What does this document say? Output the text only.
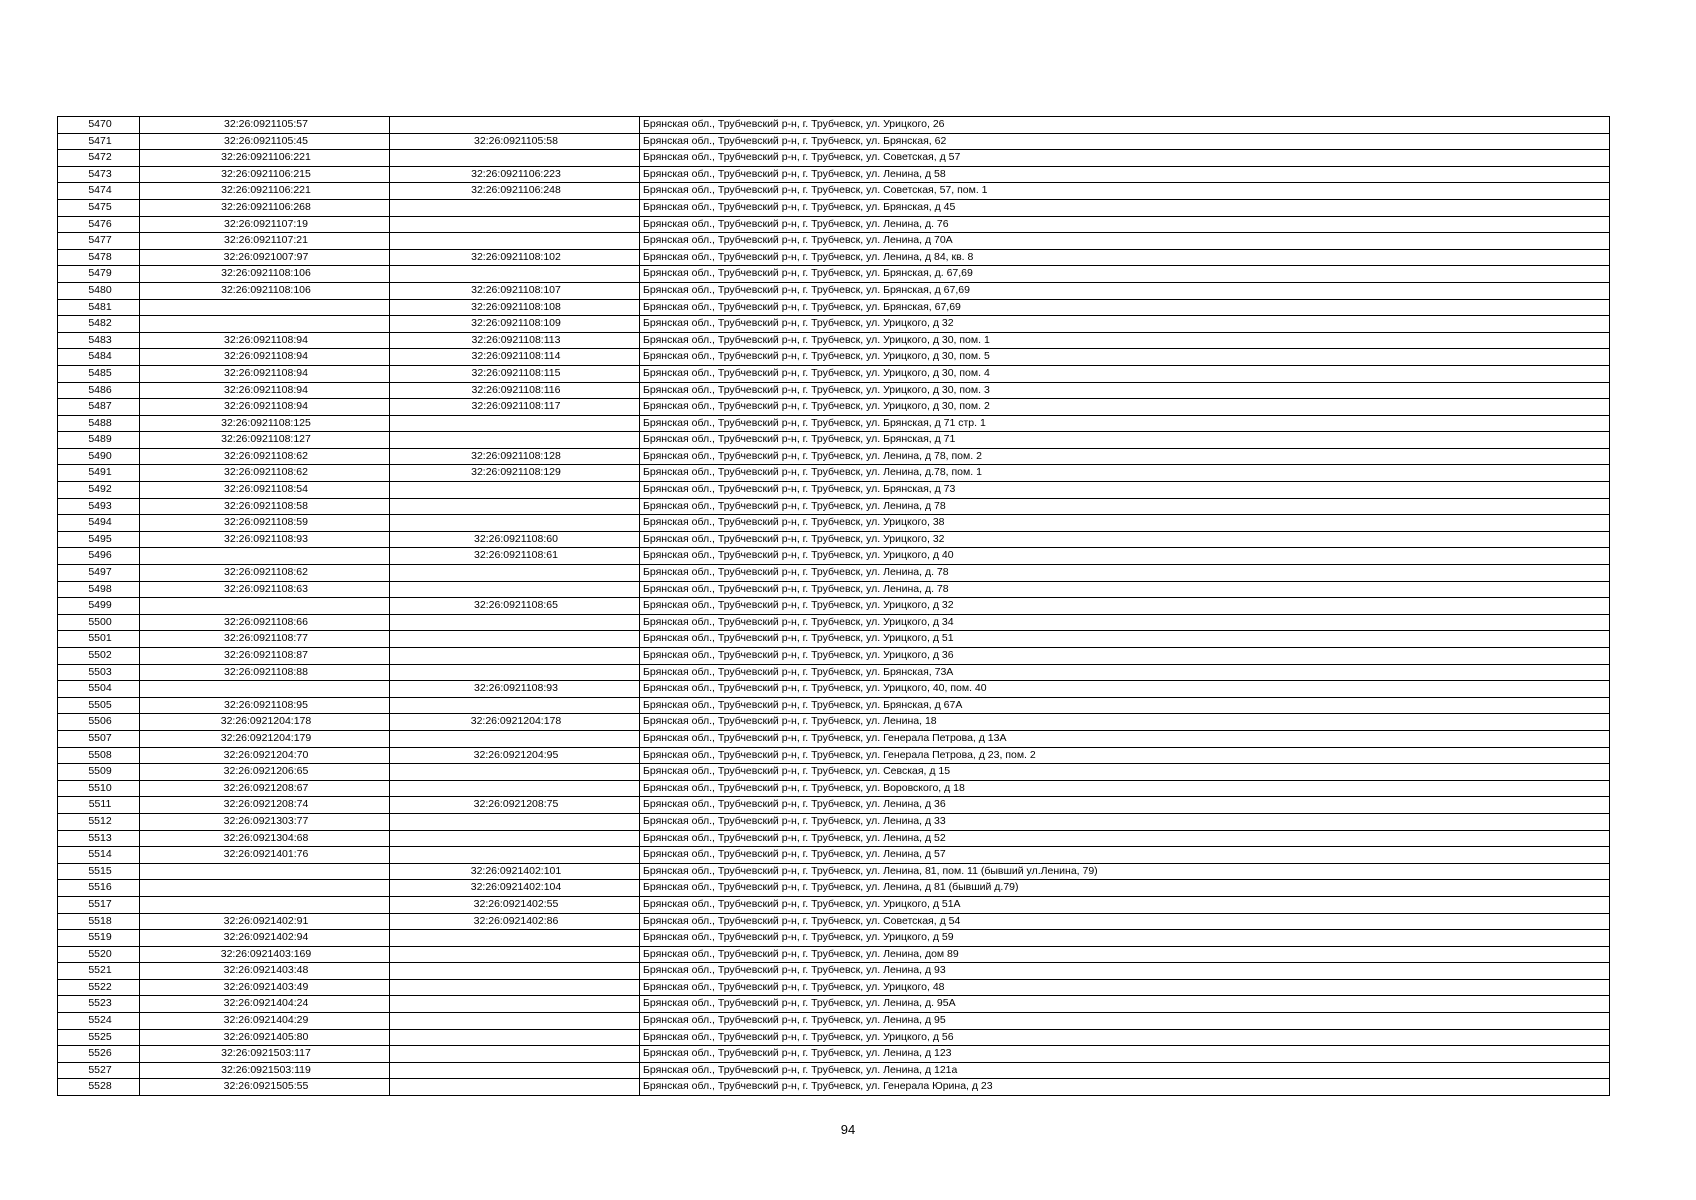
5470	32:26:0921105:57		Брянская обл., Трубчевский р-н, г. Трубчевск, ул. Урицкого, 26
5471	32:26:0921105:45	32:26:0921105:58	Брянская обл., Трубчевский р-н, г. Трубчевск, ул. Брянская, 62
5472	32:26:0921106:221		Брянская обл., Трубчевский р-н, г. Трубчевск, ул. Советская, д 57
5473	32:26:0921106:215	32:26:0921106:223	Брянская обл., Трубчевский р-н, г. Трубчевск, ул. Ленина, д 58
5474	32:26:0921106:221	32:26:0921106:248	Брянская обл., Трубчевский р-н, г. Трубчевск, ул. Советская, 57, пом. 1
5475	32:26:0921106:268		Брянская обл., Трубчевский р-н, г. Трубчевск, ул. Брянская, д 45
5476	32:26:0921107:19		Брянская обл., Трубчевский р-н, г. Трубчевск, ул. Ленина, д. 76
5477	32:26:0921107:21		Брянская обл., Трубчевский р-н, г. Трубчевск, ул. Ленина, д 70А
5478	32:26:0921007:97	32:26:0921108:102	Брянская обл., Трубчевский р-н, г. Трубчевск, ул. Ленина, д 84, кв. 8
5479	32:26:0921108:106		Брянская обл., Трубчевский р-н, г. Трубчевск, ул. Брянская, д. 67,69
5480	32:26:0921108:106	32:26:0921108:107	Брянская обл., Трубчевский р-н, г. Трубчевск, ул. Брянская, д 67,69
5481		32:26:0921108:108	Брянская обл., Трубчевский р-н, г. Трубчевск, ул. Брянская, 67,69
5482		32:26:0921108:109	Брянская обл., Трубчевский р-н, г. Трубчевск, ул. Урицкого, д 32
5483	32:26:0921108:94	32:26:0921108:113	Брянская обл., Трубчевский р-н, г. Трубчевск, ул. Урицкого, д 30, пом. 1
5484	32:26:0921108:94	32:26:0921108:114	Брянская обл., Трубчевский р-н, г. Трубчевск, ул. Урицкого, д 30, пом. 5
5485	32:26:0921108:94	32:26:0921108:115	Брянская обл., Трубчевский р-н, г. Трубчевск, ул. Урицкого, д 30, пом. 4
5486	32:26:0921108:94	32:26:0921108:116	Брянская обл., Трубчевский р-н, г. Трубчевск, ул. Урицкого, д 30, пом. 3
5487	32:26:0921108:94	32:26:0921108:117	Брянская обл., Трубчевский р-н, г. Трубчевск, ул. Урицкого, д 30, пом. 2
5488	32:26:0921108:125		Брянская обл., Трубчевский р-н, г. Трубчевск, ул. Брянская, д 71 стр. 1
5489	32:26:0921108:127		Брянская обл., Трубчевский р-н, г. Трубчевск, ул. Брянская, д 71
5490	32:26:0921108:62	32:26:0921108:128	Брянская обл., Трубчевский р-н, г. Трубчевск, ул. Ленина, д 78, пом. 2
5491	32:26:0921108:62	32:26:0921108:129	Брянская обл., Трубчевский р-н, г. Трубчевск, ул. Ленина, д.78, пом. 1
5492	32:26:0921108:54		Брянская обл., Трубчевский р-н, г. Трубчевск, ул. Брянская, д 73
5493	32:26:0921108:58		Брянская обл., Трубчевский р-н, г. Трубчевск, ул. Ленина, д 78
5494	32:26:0921108:59		Брянская обл., Трубчевский р-н, г. Трубчевск, ул. Урицкого, 38
5495	32:26:0921108:93	32:26:0921108:60	Брянская обл., Трубчевский р-н, г. Трубчевск, ул. Урицкого, 32
5496		32:26:0921108:61	Брянская обл., Трубчевский р-н, г. Трубчевск, ул. Урицкого, д 40
5497	32:26:0921108:62		Брянская обл., Трубчевский р-н, г. Трубчевск, ул. Ленина, д. 78
5498	32:26:0921108:63		Брянская обл., Трубчевский р-н, г. Трубчевск, ул. Ленина, д. 78
5499		32:26:0921108:65	Брянская обл., Трубчевский р-н, г. Трубчевск, ул. Урицкого, д 32
5500	32:26:0921108:66		Брянская обл., Трубчевский р-н, г. Трубчевск, ул. Урицкого, д 34
5501	32:26:0921108:77		Брянская обл., Трубчевский р-н, г. Трубчевск, ул. Урицкого, д 51
5502	32:26:0921108:87		Брянская обл., Трубчевский р-н, г. Трубчевск, ул. Урицкого, д 36
5503	32:26:0921108:88		Брянская обл., Трубчевский р-н, г. Трубчевск, ул. Брянская, 73А
5504		32:26:0921108:93	Брянская обл., Трубчевский р-н, г. Трубчевск, ул. Урицкого, 40, пом. 40
5505	32:26:0921108:95		Брянская обл., Трубчевский р-н, г. Трубчевск, ул. Брянская, д 67А
5506	32:26:0921204:178	32:26:0921204:178	Брянская обл., Трубчевский р-н, г. Трубчевск, ул. Ленина, 18
5507	32:26:0921204:179		Брянская обл., Трубчевский р-н, г. Трубчевск, ул. Генерала Петрова, д 13А
5508	32:26:0921204:70	32:26:0921204:95	Брянская обл., Трубчевский р-н, г. Трубчевск, ул. Генерала Петрова, д 23, пом. 2
5509	32:26:0921206:65		Брянская обл., Трубчевский р-н, г. Трубчевск, ул. Севская, д 15
5510	32:26:0921208:67		Брянская обл., Трубчевский р-н, г. Трубчевск, ул. Воровского, д 18
5511	32:26:0921208:74	32:26:0921208:75	Брянская обл., Трубчевский р-н, г. Трубчевск, ул. Ленина, д 36
5512	32:26:0921303:77		Брянская обл., Трубчевский р-н, г. Трубчевск, ул. Ленина, д 33
5513	32:26:0921304:68		Брянская обл., Трубчевский р-н, г. Трубчевск, ул. Ленина, д 52
5514	32:26:0921401:76		Брянская обл., Трубчевский р-н, г. Трубчевск, ул. Ленина, д 57
5515		32:26:0921402:101	Брянская обл., Трубчевский р-н, г. Трубчевск, ул. Ленина, 81, пом. 11 (бывший ул.Ленина, 79)
5516		32:26:0921402:104	Брянская обл., Трубчевский р-н, г. Трубчевск, ул. Ленина, д 81 (бывший д.79)
5517		32:26:0921402:55	Брянская обл., Трубчевский р-н, г. Трубчевск, ул. Урицкого, д 51А
5518	32:26:0921402:91	32:26:0921402:86	Брянская обл., Трубчевский р-н, г. Трубчевск, ул. Советская, д 54
5519	32:26:0921402:94		Брянская обл., Трубчевский р-н, г. Трубчевск, ул. Урицкого, д 59
5520	32:26:0921403:169		Брянская обл., Трубчевский р-н, г. Трубчевск, ул. Ленина, дом 89
5521	32:26:0921403:48		Брянская обл., Трубчевский р-н, г. Трубчевск, ул. Ленина, д 93
5522	32:26:0921403:49		Брянская обл., Трубчевский р-н, г. Трубчевск, ул. Урицкого, 48
5523	32:26:0921404:24		Брянская обл., Трубчевский р-н, г. Трубчевск, ул. Ленина, д. 95А
5524	32:26:0921404:29		Брянская обл., Трубчевский р-н, г. Трубчевск, ул. Ленина, д 95
5525	32:26:0921405:80		Брянская обл., Трубчевский р-н, г. Трубчевск, ул. Урицкого, д 56
5526	32:26:0921503:117		Брянская обл., Трубчевский р-н, г. Трубчевск, ул. Ленина, д 123
5527	32:26:0921503:119		Брянская обл., Трубчевский р-н, г. Трубчевск, ул. Ленина, д 121а
5528	32:26:0921505:55		Брянская обл., Трубчевский р-н, г. Трубчевск, ул. Генерала Юрина, д 23
94
